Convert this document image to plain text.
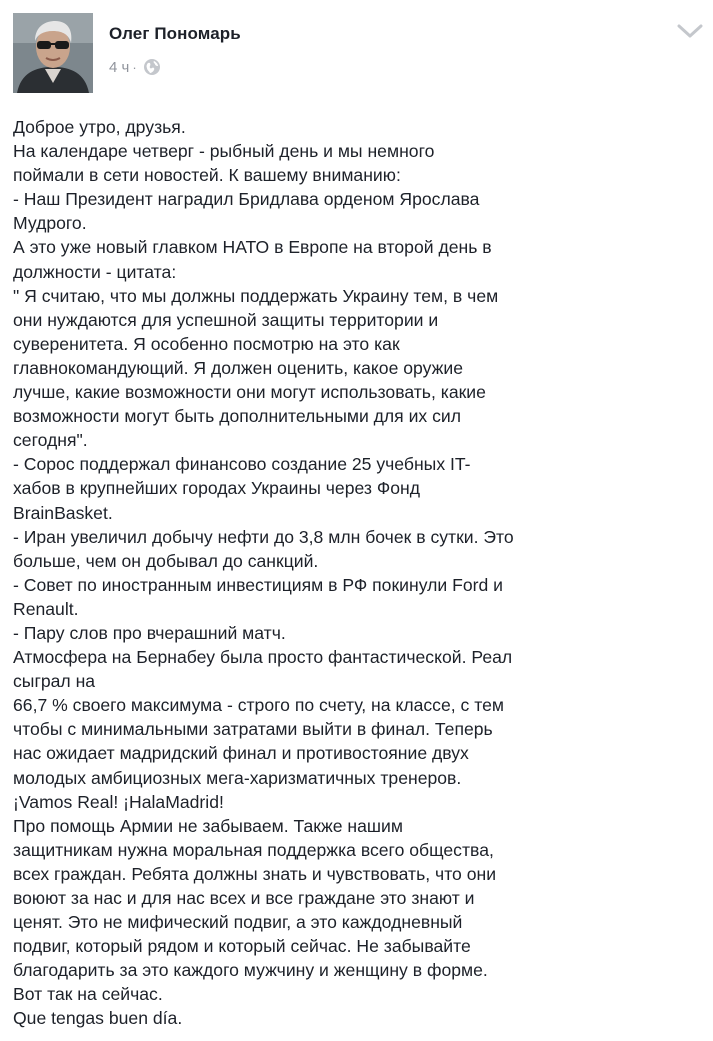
Олег Пономарь
4 ч ·
Доброе утро, друзья.
На календаре четверг - рыбный день и мы немного
поймали в сети новостей. К вашему вниманию:
- Наш Президент наградил Бридлава орденом Ярослава
Мудрого.
А это уже новый главком НАТО в Европе на второй день в
должности - цитата:
" Я считаю, что мы должны поддержать Украину тем, в чем
они нуждаются для успешной защиты территории и
суверенитета. Я особенно посмотрю на это как
главнокомандующий. Я должен оценить, какое оружие
лучше, какие возможности они могут использовать, какие
возможности могут быть дополнительными для их сил
сегодня".
- Сорос поддержал финансово создание 25 учебных IT-
хабов в крупнейших городах Украины через Фонд
BrainBasket.
- Иран увеличил добычу нефти до 3,8 млн бочек в сутки. Это
больше, чем он добывал до санкций.
- Совет по иностранным инвестициям в РФ покинули Ford и
Renault.
- Пару слов про вчерашний матч.
Атмосфера на Бернабеу была просто фантастической. Реал
сыграл на
66,7 % своего максимума - строго по счету, на классе, с тем
чтобы с минимальными затратами выйти в финал. Теперь
нас ожидает мадридский финал и противостояние двух
молодых амбициозных мега-харизматичных тренеров.
¡Vamos Real! ¡HalaMadrid!
Про помощь Армии не забываем. Также нашим
защитникам нужна моральная поддержка всего общества,
всех граждан. Ребята должны знать и чувствовать, что они
воюют за нас и для нас всех и все граждане это знают и
ценят. Это не мифический подвиг, а это каждодневный
подвиг, который рядом и который сейчас. Не забывайте
благодарить за это каждого мужчину и женщину в форме.
Вот так на сейчас.
Que tengas buen día.
